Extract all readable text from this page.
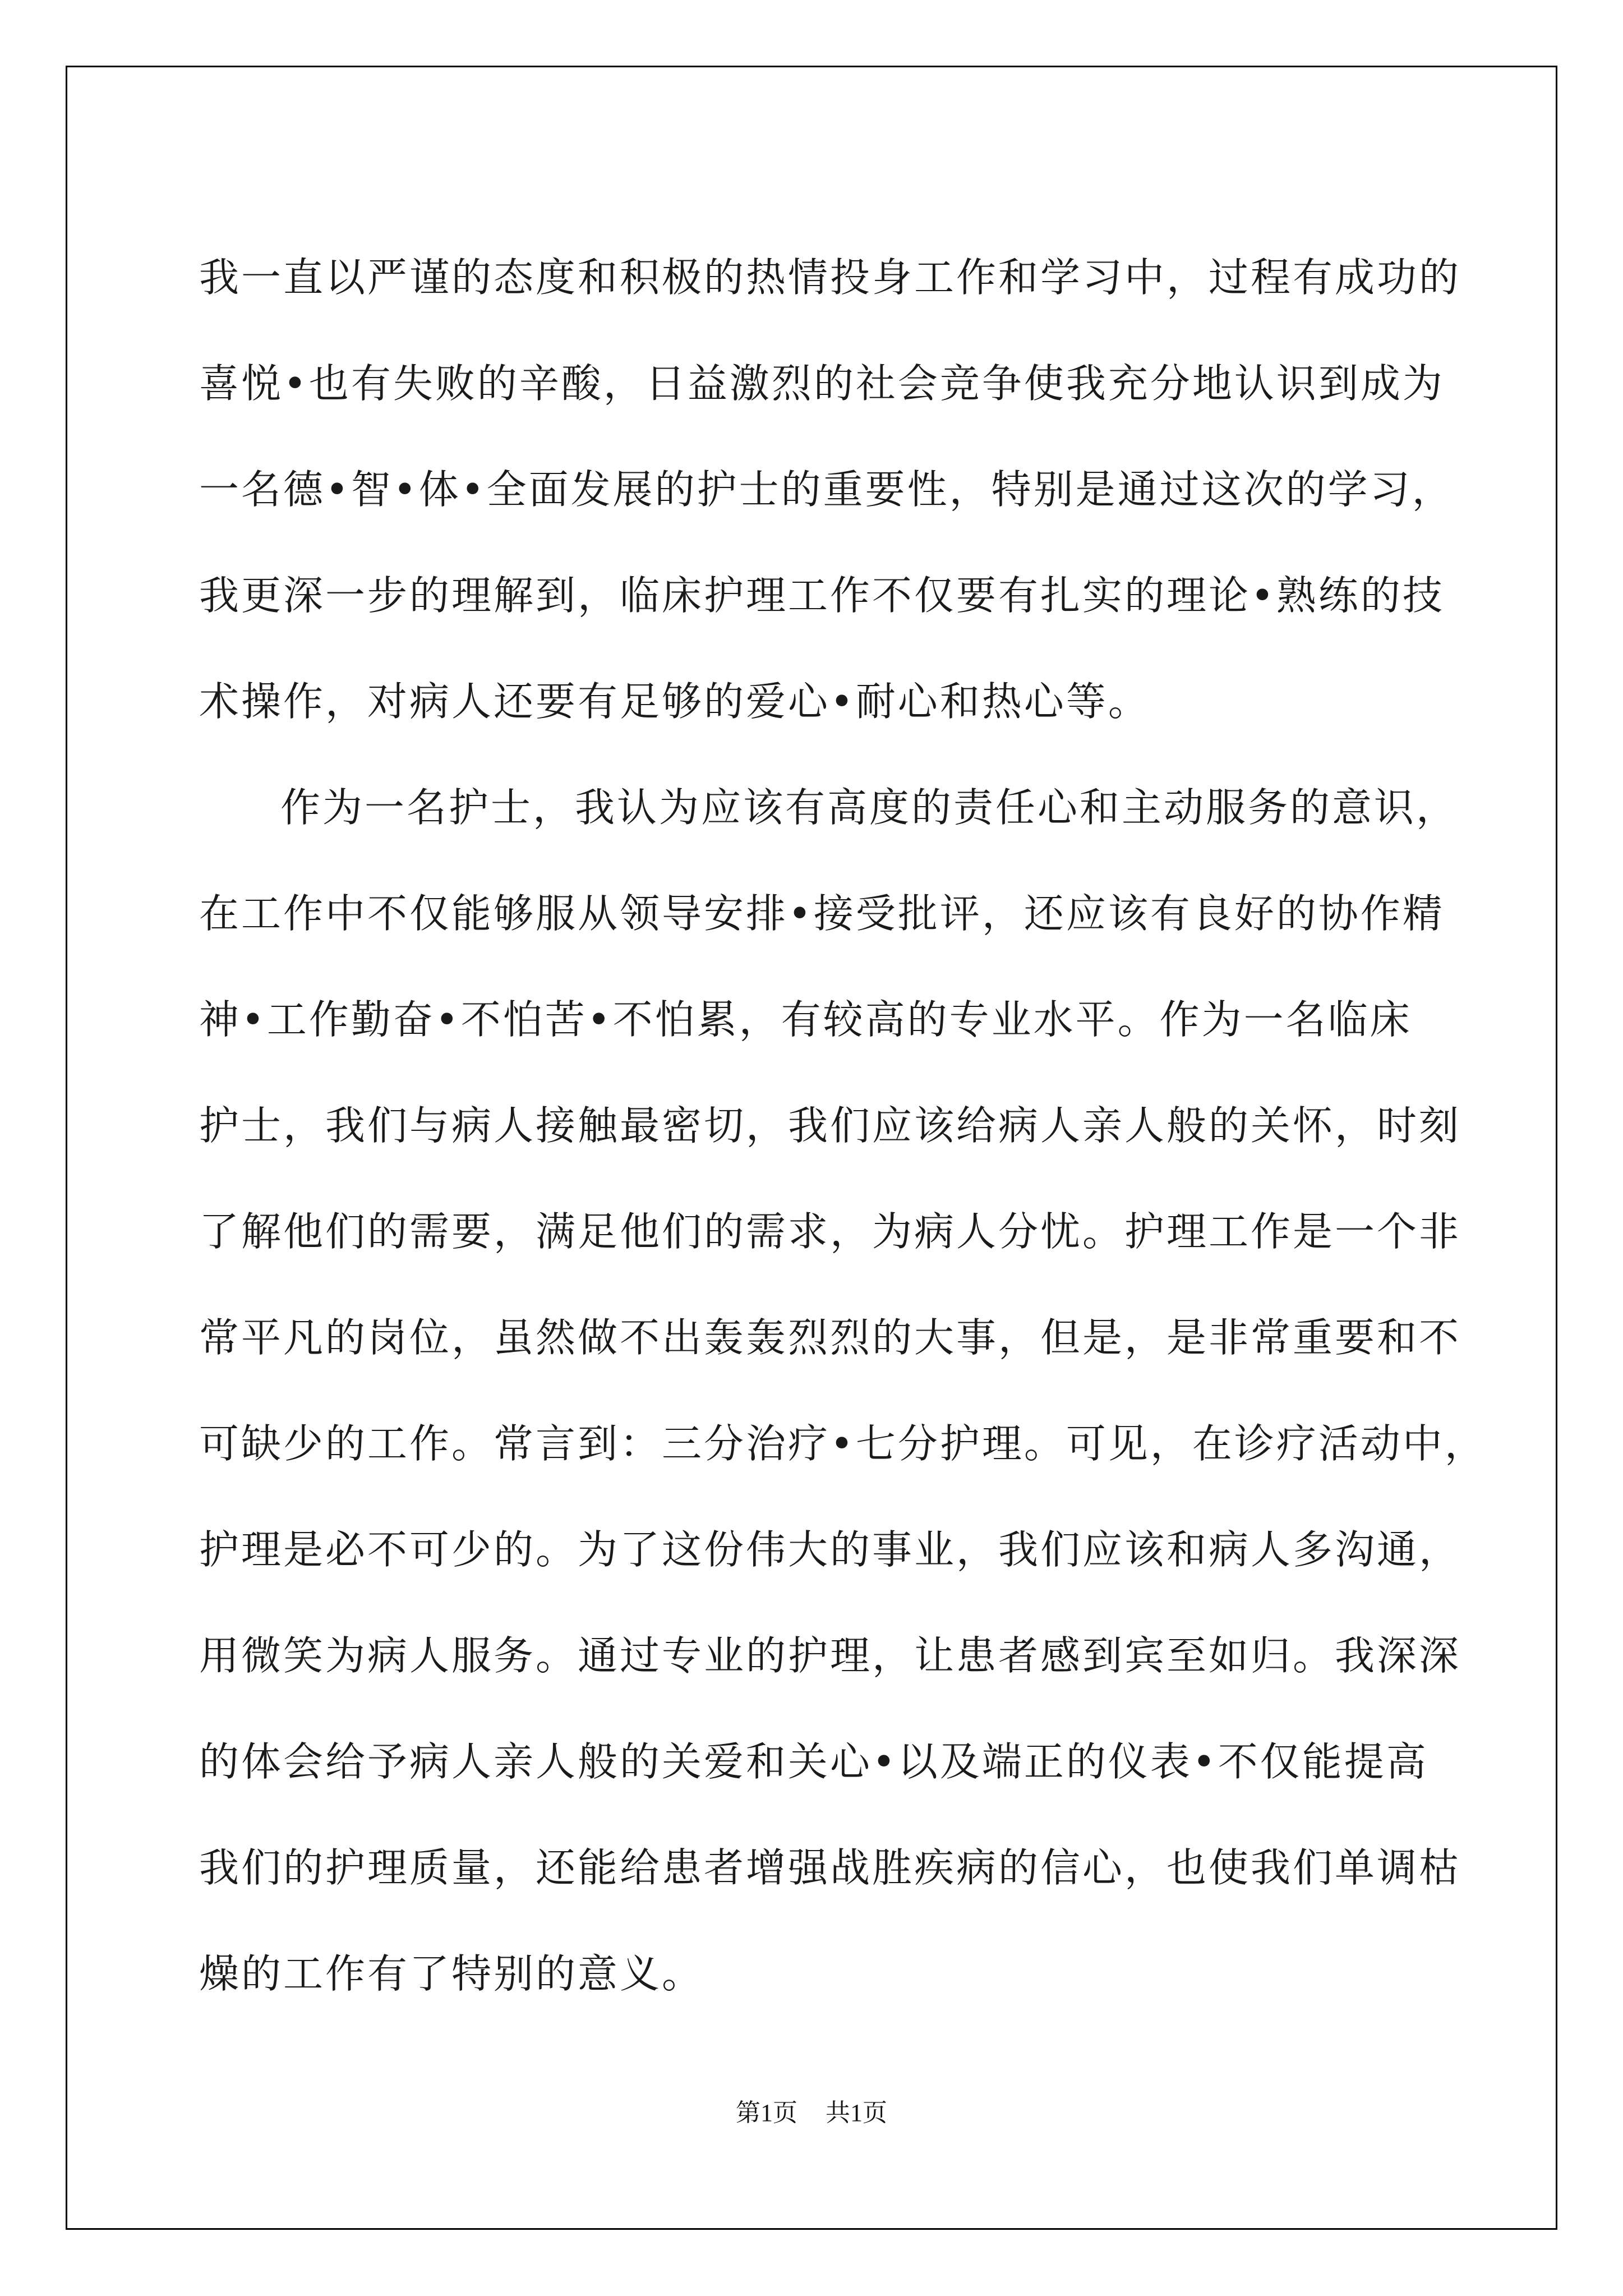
我一直以严谨的态度和积极的热情投身工作和学习中，过程有成功的
喜悦•也有失败的辛酸，日益激烈的社会竞争使我充分地认识到成为
一名德•智•体•全面发展的护士的重要性，特别是通过这次的学习，
我更深一步的理解到，临床护理工作不仅要有扎实的理论•熟练的技
术操作，对病人还要有足够的爱心•耐心和热心等。
作为一名护士，我认为应该有高度的责任心和主动服务的意识，
在工作中不仅能够服从领导安排•接受批评，还应该有良好的协作精
神•工作勤奋•不怕苦•不怕累，有较高的专业水平。作为一名临床
护士，我们与病人接触最密切，我们应该给病人亲人般的关怀，时刻
了解他们的需要，满足他们的需求，为病人分忧。护理工作是一个非
常平凡的岗位，虽然做不出轰轰烈烈的大事，但是，是非常重要和不
可缺少的工作。常言到：三分治疗•七分护理。可见，在诊疗活动中，
护理是必不可少的。为了这份伟大的事业，我们应该和病人多沟通，
用微笑为病人服务。通过专业的护理，让患者感到宾至如归。我深深
的体会给予病人亲人般的关爱和关心•以及端正的仪表•不仅能提高
我们的护理质量，还能给患者增强战胜疾病的信心，也使我们单调枯
燥的工作有了特别的意义。
第1页 共1页
